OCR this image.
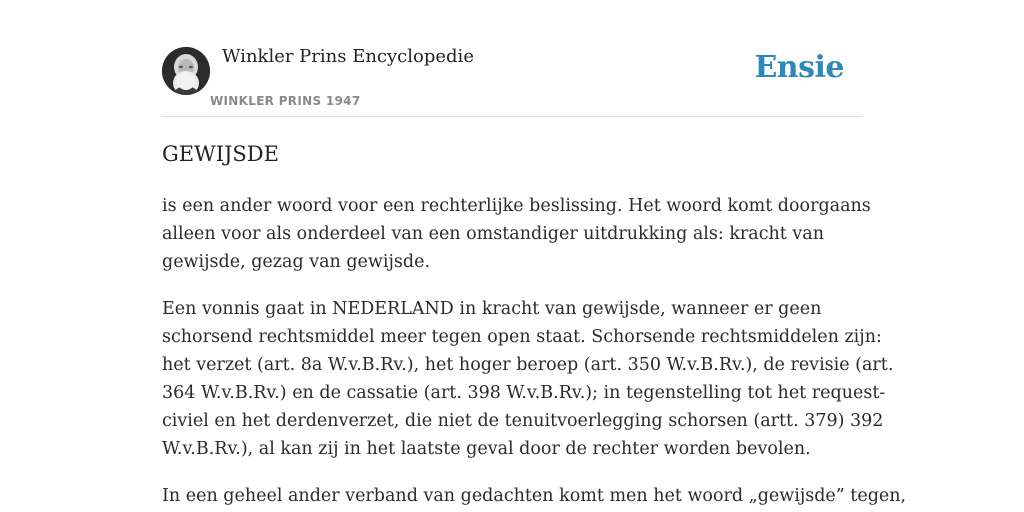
Winkler Prins Encyclopedie
WINKLER PRINS 1947
Ensie
GEWIJSDE
is een ander woord voor een rechterlijke beslissing. Het woord komt doorgaans
alleen voor als onderdeel van een omstandiger uitdrukking als: kracht van
gewijsde, gezag van gewijsde.
Een vonnis gaat in NEDERLAND in kracht van gewijsde, wanneer er geen
schorsend rechtsmiddel meer tegen open staat. Schorsende rechtsmiddelen zijn:
het verzet (art. 8a W.v.B.Rv.), het hoger beroep (art. 350 W.v.B.Rv.), de revisie (art.
364 W.v.B.Rv.) en de cassatie (art. 398 W.v.B.Rv.); in tegenstelling tot het request-
civiel en het derdenverzet, die niet de tenuitvoerlegging schorsen (artt. 379) 392
W.v.B.Rv.), al kan zij in het laatste geval door de rechter worden bevolen.
In een geheel ander verband van gedachten komt men het woord „gewijsde” tegen,
